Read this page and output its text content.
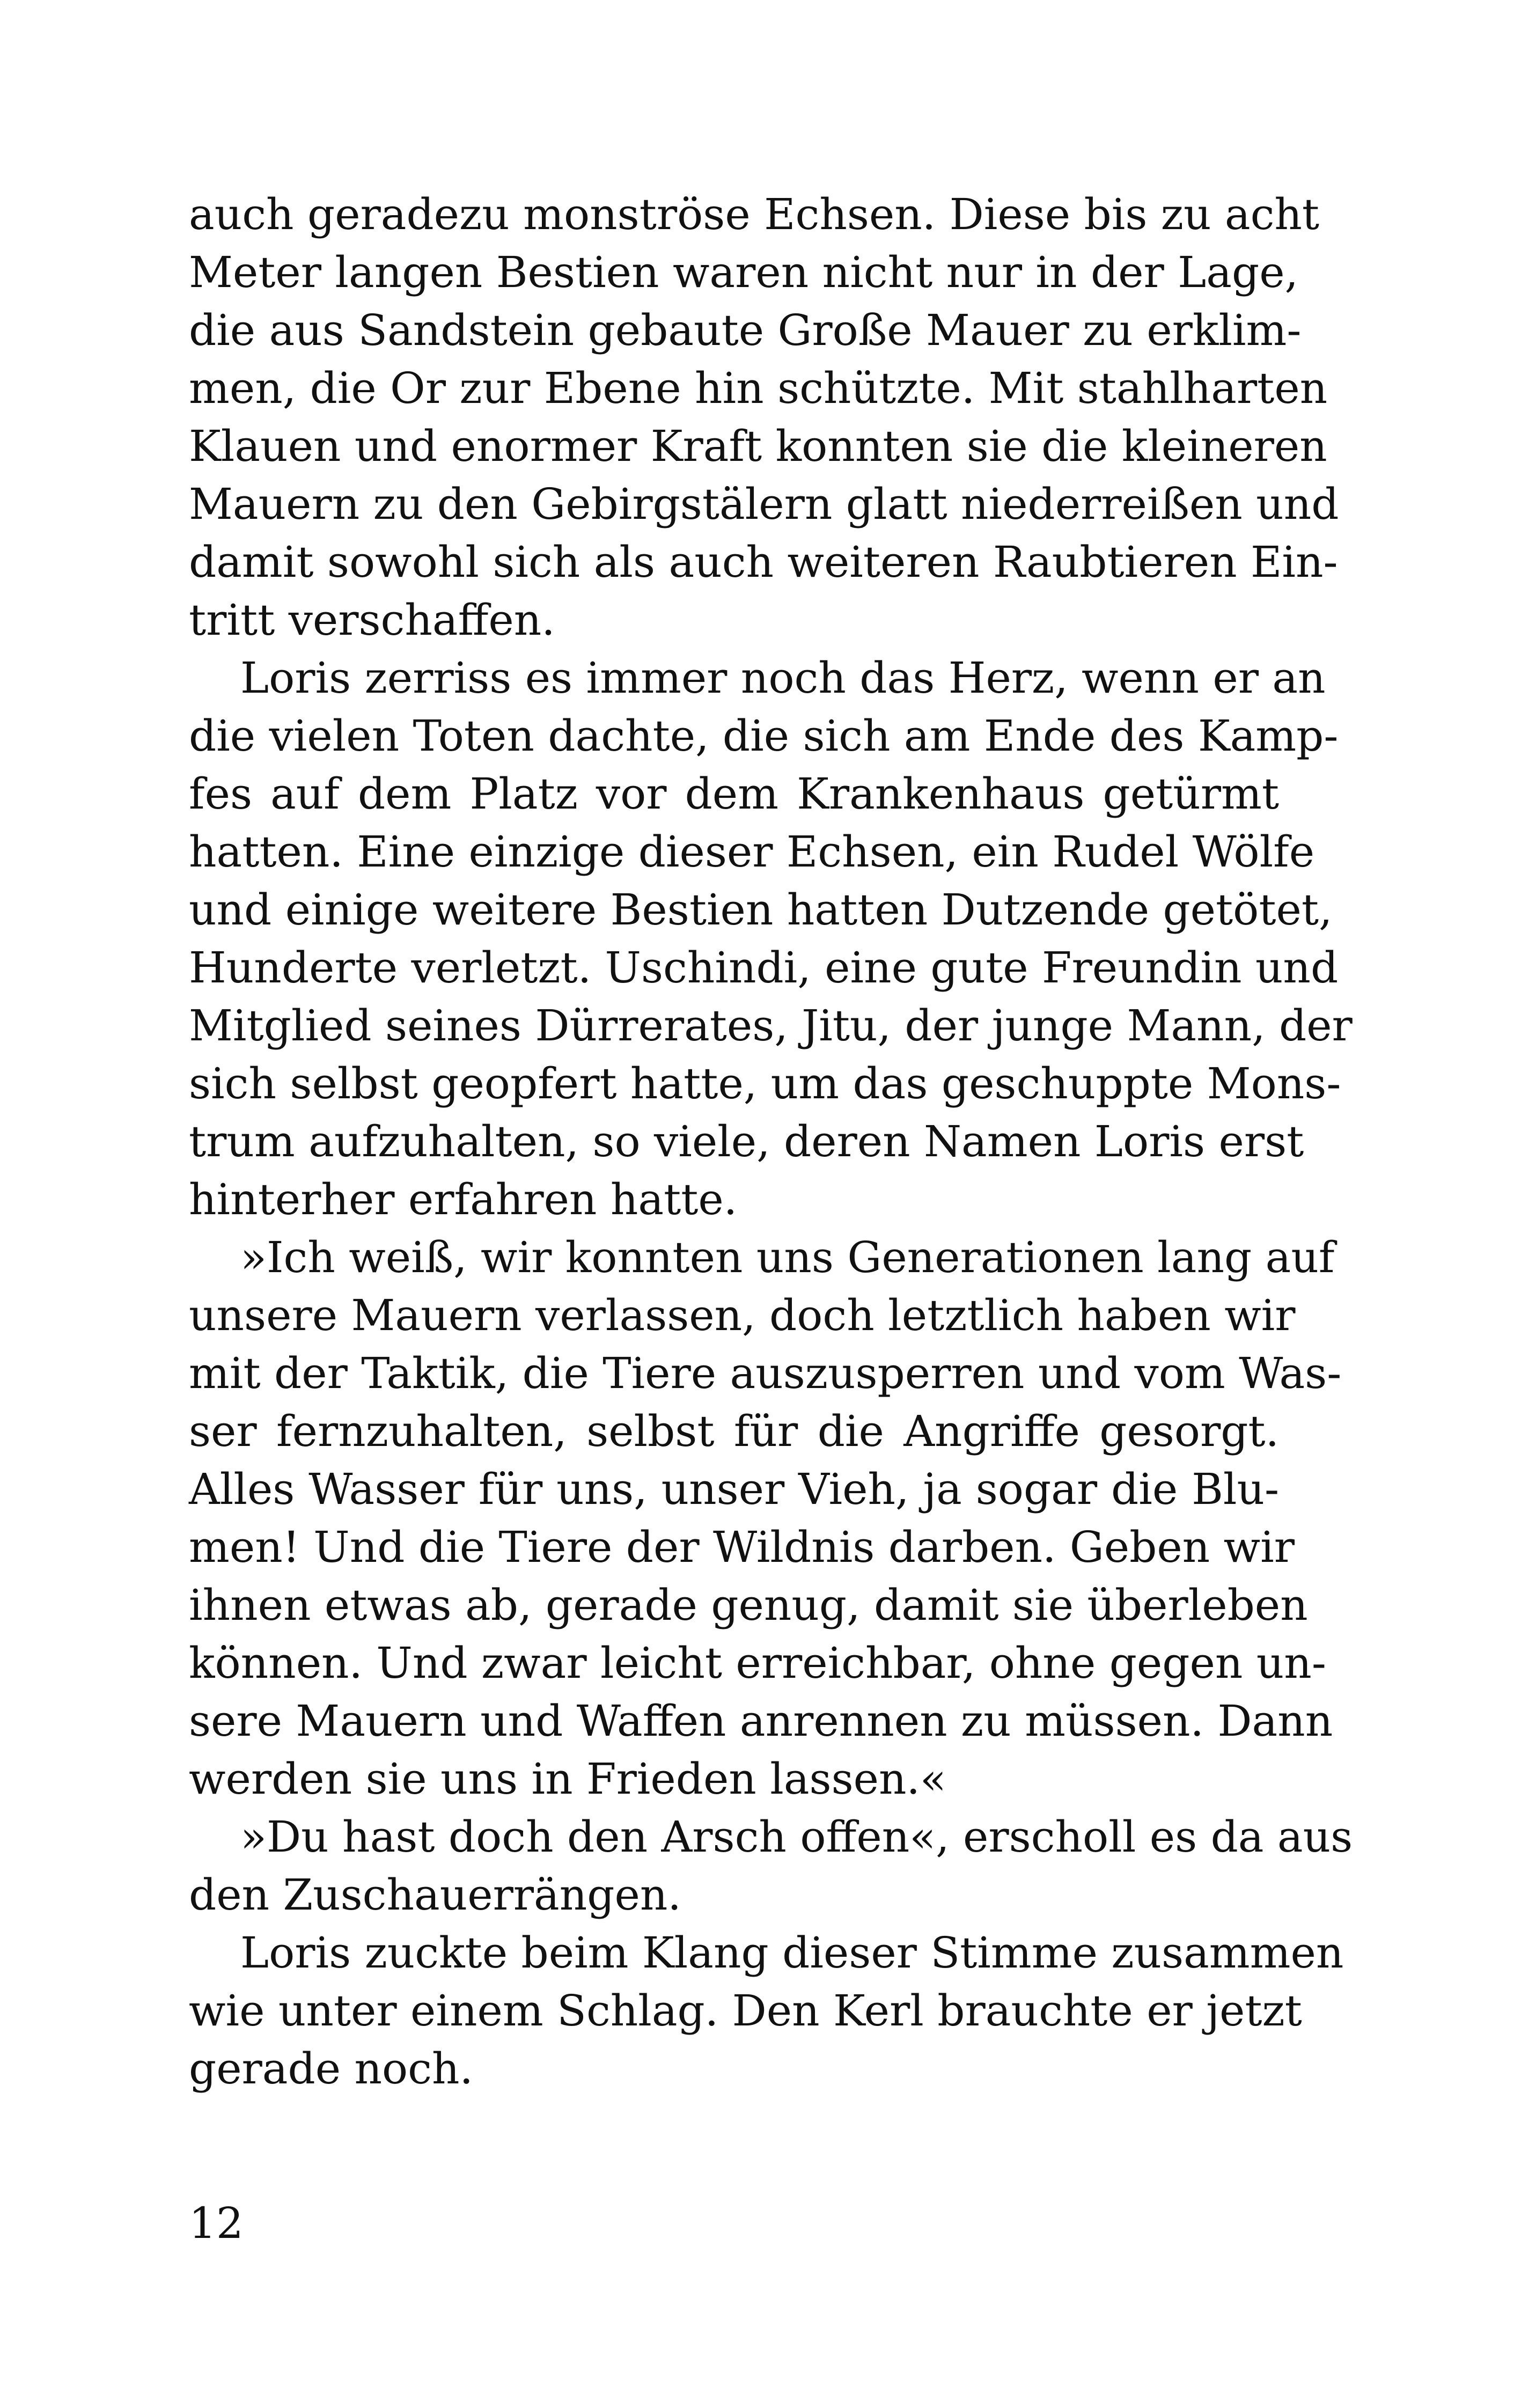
auch geradezu monströse Echsen. Diese bis zu acht
Meter langen Bestien waren nicht nur in der Lage,
die aus Sandstein gebaute Große Mauer zu erklim-
men, die Or zur Ebene hin schützte. Mit stahlharten
Klauen und enormer Kraft konnten sie die kleineren
Mauern zu den Gebirgstälern glatt niederreißen und
damit sowohl sich als auch weiteren Raubtieren Ein-
tritt verschaffen.
Loris zerriss es immer noch das Herz, wenn er an
die vielen Toten dachte, die sich am Ende des Kamp-
fes auf dem Platz vor dem Krankenhaus getürmt
hatten. Eine einzige dieser Echsen, ein Rudel Wölfe
und einige weitere Bestien hatten Dutzende getötet,
Hunderte verletzt. Uschindi, eine gute Freundin und
Mitglied seines Dürrerates, Jitu, der junge Mann, der
sich selbst geopfert hatte, um das geschuppte Mons-
trum aufzuhalten, so viele, deren Namen Loris erst
hinterher erfahren hatte.
»Ich weiß, wir konnten uns Generationen lang auf
unsere Mauern verlassen, doch letztlich haben wir
mit der Taktik, die Tiere auszusperren und vom Was-
ser fernzuhalten, selbst für die Angriffe gesorgt.
Alles Wasser für uns, unser Vieh, ja sogar die Blu-
men! Und die Tiere der Wildnis darben. Geben wir
ihnen etwas ab, gerade genug, damit sie überleben
können. Und zwar leicht erreichbar, ohne gegen un-
sere Mauern und Waffen anrennen zu müssen. Dann
werden sie uns in Frieden lassen.«
»Du hast doch den Arsch offen«, erscholl es da aus
den Zuschauerrängen.
Loris zuckte beim Klang dieser Stimme zusammen
wie unter einem Schlag. Den Kerl brauchte er jetzt
gerade noch.
12
